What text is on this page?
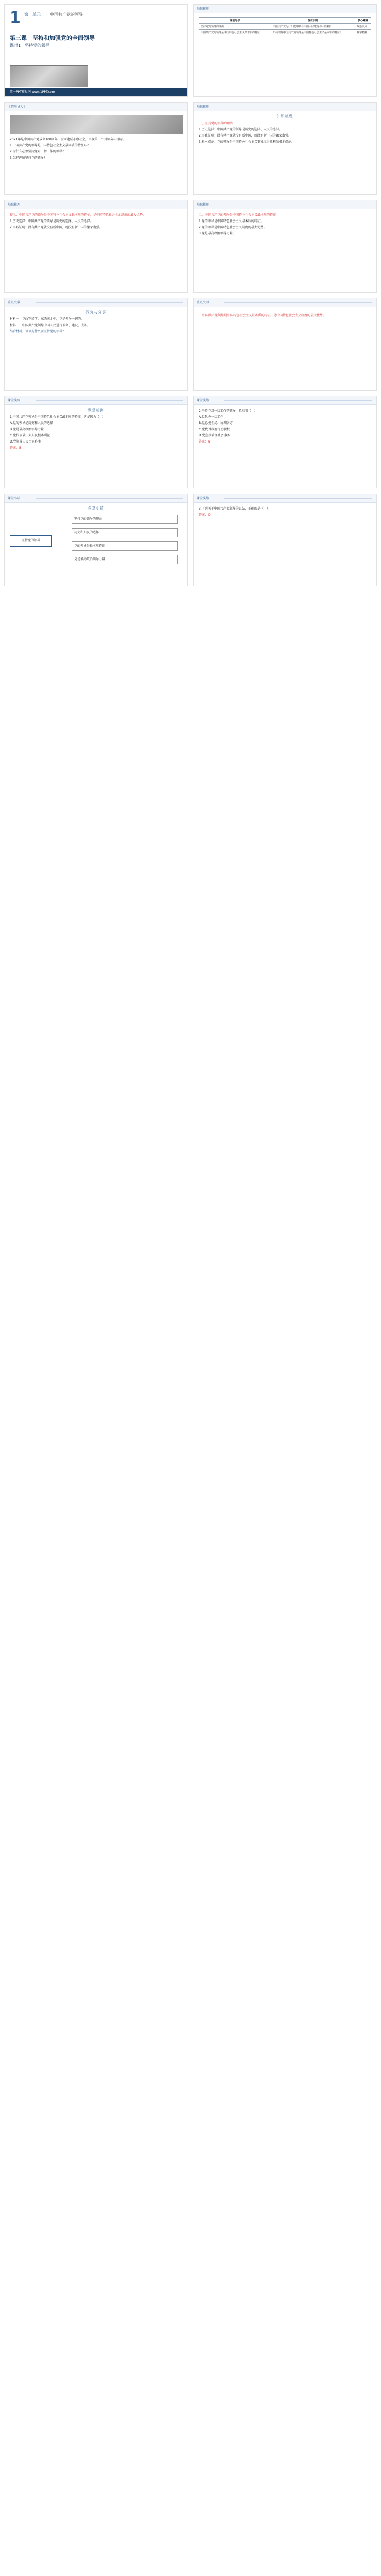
1 第一单元 中国共产党的领导
第三课　坚持和加强党的全面领导
课时1　坚持党的领导
第一PPT模板网 www.1PPT.com
基础梳理
课前导学	提出问题	核心素养
坚持党的领导的理由	中国共产党为什么能够领导中国人民取得伟大胜利？	政治认同
中国共产党的领导是中国特色社会主义最本质的特征	如何理解中国共产党领导是中国特色社会主义最本质的特征？	科学精神
【情境导入】

2021年是中国共产党成立100周年，全面建成小康社会，实现第一个百年奋斗目标。

1.中国共产党的领导是中国特色社会主义最本质的特征吗？

2.为什么必须坚持党对一切工作的领导？

3.怎样理解坚持党的领导？

基础梳理
知识梳理

一、坚持党的领导的理由

1.历史选择：中国共产党的领导是历史的选择、人民的选择。

2.实践证明：没有共产党就没有新中国，就没有新中国的繁荣富强。

3.根本保证：党的领导是中国特色社会主义事业取得胜利的根本保证。

基础梳理

提示：中国共产党的领导是中国特色社会主义最本质的特征，是中国特色社会主义制度的最大优势。

1.历史选择：中国共产党的领导是历史的选择、人民的选择。

2.实践证明：没有共产党就没有新中国，就没有新中国的繁荣富强。

基础梳理

二、中国共产党的领导是中国特色社会主义最本质的特征

1.党的领导是中国特色社会主义最本质的特征。

2.党的领导是中国特色社会主义制度的最大优势。

3.党是最高政治领导力量。

重点突破
探究与分享

材料一：党政军民学，东西南北中，党是领导一切的。

材料二：中国共产党领导中国人民进行革命、建设、改革。

结合材料，谈谈为什么要坚持党的领导？

重点突破
中国共产党领导是中国特色社会主义最本质的特征，是中国特色社会主义制度的最大优势。
课堂演练
课堂检测

1.中国共产党领导是中国特色社会主义最本质的特征，这是因为（　）

A.党的领导是历史和人民的选择

B.党是最高政治领导力量

C.党代表最广大人民根本利益

D.党领导人民当家作主

答案：B

课堂演练

2.坚持党对一切工作的领导，意味着（　）

A.党包办一切工作

B.党总揽全局、协调各方

C.党代替政府行使职权

D.党直接管理社会事务

答案：B

课堂小结
课堂小结
坚持党的领导
坚持党的领导的理由
历史和人民的选择
党的领导是最本质特征
党是最高政治领导力量
课堂演练

3.下列关于中国共产党领导的说法，正确的是（　）

答案：D
